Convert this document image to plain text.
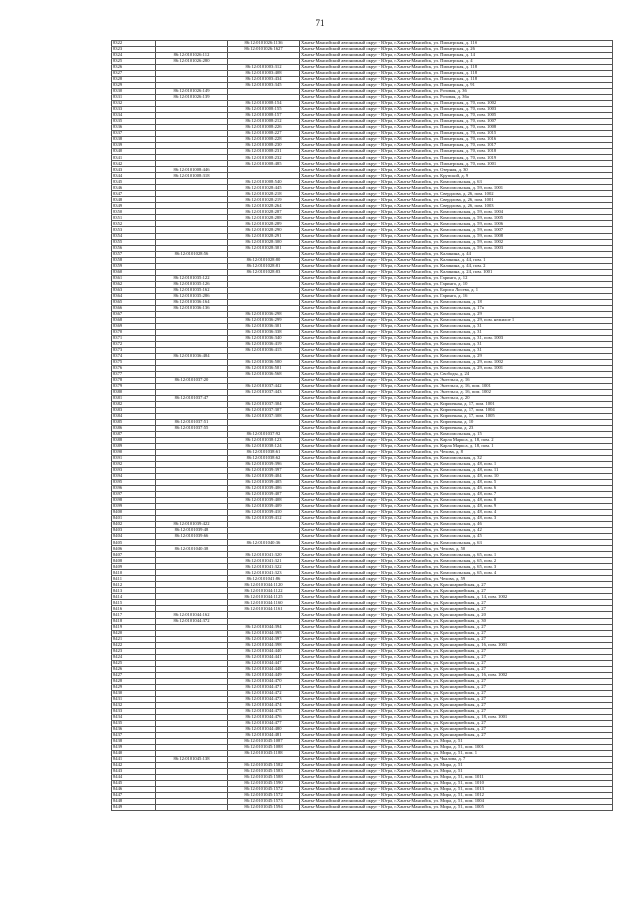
71
8322		86:12:0101026:1136	Ханты-Мансийский автономный округ - Югра, г.Ханты-Мансийск, ул. Пионерская, д. 11б
8323		86:12:0101026:1627	Ханты-Мансийский автономный округ - Югра, г.Ханты-Мансийск, ул. Пионерская, д. 26
8324	86:12:0101026:112		Ханты-Мансийский автономный округ - Югра, г.Ханты-Мансийск, ул. Пионерская, д. 14
8325	86:12:0101026:280		Ханты-Мансийский автономный округ - Югра, г.Ханты-Мансийск, ул. Пионерская, д. 4
8326		86:12:0101003:312	Ханты-Мансийский автономный округ - Югра, г.Ханты-Мансийск, ул. Пионерская, д. 118
8327		86:12:0101003:408	Ханты-Мансийский автономный округ - Югра, г.Ханты-Мансийск, ул. Пионерская, д. 118
8328		86:12:0101003:434	Ханты-Мансийский автономный округ - Югра, г.Ханты-Мансийск, ул. Пионерская, д. 118
8329		86:12:0101003:345	Ханты-Мансийский автономный округ - Югра, г.Ханты-Мансийск, ул. Пионерская, д. 91
8330	86:12:0101026:149		Ханты-Мансийский автономный округ - Югра, г.Ханты-Мансийск, ул. Розовая, д. 36
8331	86:12:0101026:139		Ханты-Мансийский автономный округ - Югра, г.Ханты-Мансийск, ул. Розовая, д. 36а
8332		86:12:0101008:154	Ханты-Мансийский автономный округ - Югра, г.Ханты-Мансийск, ул. Пионерская, д. 70, пом. 1002
8333		86:12:0101008:155	Ханты-Мансийский автономный округ - Югра, г.Ханты-Мансийск, ул. Пионерская, д. 70, пом. 1003
8334		86:12:0101008:157	Ханты-Мансийский автономный округ - Югра, г.Ханты-Мансийск, ул. Пионерская, д. 70, пом. 1005
8335		86:12:0101008:212	Ханты-Мансийский автономный округ - Югра, г.Ханты-Мансийск, ул. Пионерская, д. 70, пом. 1007
8336		86:12:0101008:226	Ханты-Мансийский автономный округ - Югра, г.Ханты-Мансийск, ул. Пионерская, д. 70, пом. 1008
8337		86:12:0101008:227	Ханты-Мансийский автономный округ - Югра, г.Ханты-Мансийск, ул. Пионерская, д. 70, пом. 1015
8338		86:12:0101008:228	Ханты-Мансийский автономный округ - Югра, г.Ханты-Мансийск, ул. Пионерская, д. 70, пом. 1016
8339		86:12:0101008:230	Ханты-Мансийский автономный округ - Югра, г.Ханты-Мансийск, ул. Пионерская, д. 70, пом. 1017
8340		86:12:0101008:231	Ханты-Мансийский автономный округ - Югра, г.Ханты-Мансийск, ул. Пионерская, д. 70, пом. 1018
8341		86:12:0101008:232	Ханты-Мансийский автономный округ - Югра, г.Ханты-Мансийск, ул. Пионерская, д. 70, пом. 1019
8342		86:12:0101008:485	Ханты-Мансийский автономный округ - Югра, г.Ханты-Мансийск, ул. Пионерская, д. 70, пом. 1001
8343	86:12:0101008:446		Ханты-Мансийский автономный округ - Югра, г.Ханты-Мансийск, ул. Озерная, д. 30
8344	86:12:0101008:318		Ханты-Мансийский автономный округ - Югра, г.Ханты-Мансийск, ул. Крупской, д. 9
8345		86:12:0101008:540	Ханты-Мансийский автономный округ - Югра, г.Ханты-Мансийск, ул. Комсомольская, д. 63
8346		86:12:0101028:445	Ханты-Мансийский автономный округ - Югра, г.Ханты-Мансийск, ул. Комсомольская, д. 59, пом. 1001
8347		86:12:0101028:218	Ханты-Мансийский автономный округ - Югра, г.Ханты-Мансийск, ул. Свердлова, д. 26, пом. 1002
8348		86:12:0101028:219	Ханты-Мансийский автономный округ - Югра, г.Ханты-Мансийск, ул. Свердлова, д. 26, пом. 1001
8349		86:12:0101028:264	Ханты-Мансийский автономный округ - Югра, г.Ханты-Мансийск, ул. Свердлова, д. 26, пом. 1003
8350		86:12:0101028:287	Ханты-Мансийский автономный округ - Югра, г.Ханты-Мансийск, ул. Комсомольская, д. 59, пом. 1004
8351		86:12:0101028:288	Ханты-Мансийский автономный округ - Югра, г.Ханты-Мансийск, ул. Комсомольская, д. 59, пом. 1005
8352		86:12:0101028:289	Ханты-Мансийский автономный округ - Югра, г.Ханты-Мансийск, ул. Комсомольская, д. 59, пом. 1006
8353		86:12:0101028:290	Ханты-Мансийский автономный округ - Югра, г.Ханты-Мансийск, ул. Комсомольская, д. 59, пом. 1007
8354		86:12:0101028:291	Ханты-Мансийский автономный округ - Югра, г.Ханты-Мансийск, ул. Комсомольская, д. 59, пом. 1008
8355		86:12:0101028:300	Ханты-Мансийский автономный округ - Югра, г.Ханты-Мансийск, ул. Комсомольская, д. 59, пом. 1002
8356		86:12:0101028:301	Ханты-Мансийский автономный округ - Югра, г.Ханты-Мансийск, ул. Комсомольская, д. 59, пом. 1003
8357	86:12:0101028:56		Ханты-Мансийский автономный округ - Югра, г.Ханты-Мансийск, ул. Калинина, д. 44
8358		86:12:0101028:80	Ханты-Мансийский автономный округ - Югра, г.Ханты-Мансийск, ул. Калинина, д. 44, пом. 1
8359		86:12:0101028:81	Ханты-Мансийский автономный округ - Югра, г.Ханты-Мансийск, ул. Калинина, д. 44, пом. 2
8360		86:12:0101028:83	Ханты-Мансийский автономный округ - Югра, г.Ханты-Мансийск, ул. Калинина, д. 24, пом. 1001
8361	86:12:0101035:122		Ханты-Мансийский автономный округ - Югра, г.Ханты-Мансийск, ул. Гаринга, д. 12
8362	86:12:0101035:126		Ханты-Мансийский автономный округ - Югра, г.Ханты-Мансийск, ул. Гаринга, д. 10
8363	86:12:0101035:162		Ханты-Мансийский автономный округ - Югра, г.Ханты-Мансийск, ул. Бориса Лосева, д. 1
8364	86:12:0101035:286		Ханты-Мансийский автономный округ - Югра, г.Ханты-Мансийск, ул. Гаринга, д. 16
8365	86:12:0101036:164		Ханты-Мансийский автономный округ - Югра, г.Ханты-Мансийск, ул. Комсомольская, д. 18
8366	86:12:0101036:136		Ханты-Мансийский автономный округ - Югра, г.Ханты-Мансийск, ул. Комсомольская, д. 17а
8367		86:12:0101036:298	Ханты-Мансийский автономный округ - Югра, г.Ханты-Мансийск, ул. Комсомольская, д. 29
8368		86:12:0101036:299	Ханты-Мансийский автономный округ - Югра, г.Ханты-Мансийск, ул. Комсомольская, д. 29, пом. нежилое 1
8369		86:12:0101036:301	Ханты-Мансийский автономный округ - Югра, г.Ханты-Мансийск, ул. Комсомольская, д. 31
8370		86:12:0101036:338	Ханты-Мансийский автономный округ - Югра, г.Ханты-Мансийск, ул. Комсомольская, д. 31
8371		86:12:0101036:340	Ханты-Мансийский автономный округ - Югра, г.Ханты-Мансийск, ул. Комсомольская, д. 31, пом. 1003
8372		86:12:0101036:419	Ханты-Мансийский автономный округ - Югра, г.Ханты-Мансийск, ул. Комсомольская, д. 31
8373		86:12:0101036:415	Ханты-Мансийский автономный округ - Югра, г.Ханты-Мансийск, ул. Комсомольская, д. 31
8374	86:12:0101036:484		Ханты-Мансийский автономный округ - Югра, г.Ханты-Мансийск, ул. Комсомольская, д. 29
8375		86:12:0101036:500	Ханты-Мансийский автономный округ - Югра, г.Ханты-Мансийск, ул. Комсомольская, д. 29, пом. 1002
8376		86:12:0101036:501	Ханты-Мансийский автономный округ - Югра, г.Ханты-Мансийск, ул. Комсомольская, д. 29, пом. 1001
8377		86:12:0101036:568	Ханты-Мансийский автономный округ - Югра, г.Ханты-Мансийск, ул. Свободы, д. 24
8378	86:12:0101037:20		Ханты-Мансийский автономный округ - Югра, г.Ханты-Мансийск, ул. Энгельса, д. 16
8379		86:12:0101037:442	Ханты-Мансийский автономный округ - Югра, г.Ханты-Мансийск, ул. Энгельса, д. 16, пом. 1001
8380		86:12:0101037:443	Ханты-Мансийский автономный округ - Югра, г.Ханты-Мансийск, ул. Энгельса, д. 16, пом. 1002
8381	86:12:0101037:47		Ханты-Мансийский автономный округ - Югра, г.Ханты-Мансийск, ул. Энгельса, д. 20
8382		86:12:0101037:304	Ханты-Мансийский автономный округ - Югра, г.Ханты-Мансийск, ул. Кирпичная, д. 17, пом. 1001
8383		86:12:0101037:307	Ханты-Мансийский автономный округ - Югра, г.Ханты-Мансийск, ул. Кирпичная, д. 17, пом. 1004
8384		86:12:0101037:308	Ханты-Мансийский автономный округ - Югра, г.Ханты-Мансийск, ул. Кирпичная, д. 17, пом. 1005
8385	86:12:0101037:51		Ханты-Мансийский автономный округ - Югра, г.Ханты-Мансийск, ул. Кирпичная, д. 10
8386	86:12:0101037:55		Ханты-Мансийский автономный округ - Югра, г.Ханты-Мансийск, ул. Кирпичная, д. 23
8387		86:12:0101037:92	Ханты-Мансийский автономный округ - Югра, г.Ханты-Мансийск, ул. Комсомольская, д. 15
8388		86:12:0101038:123	Ханты-Мансийский автономный округ - Югра, г.Ханты-Мансийск, ул. Карла Маркса, д. 18, пом. 2
8389		86:12:0101038:124	Ханты-Мансийский автономный округ - Югра, г.Ханты-Мансийск, ул. Карла Маркса, д. 18, пом. 1
8390		86:12:0101038:61	Ханты-Мансийский автономный округ - Югра, г.Ханты-Мансийск, ул. Чехова, д. 8
8391		86:12:0101038:62	Ханты-Мансийский автономный округ - Югра, г.Ханты-Мансийск, ул. Комсомольская, д. 32
8392		86:12:0101039:396	Ханты-Мансийский автономный округ - Югра, г.Ханты-Мансийск, ул. Комсомольская, д. 48, пом. 1
8393		86:12:0101039:397	Ханты-Мансийский автономный округ - Югра, г.Ханты-Мансийск, ул. Комсомольская, д. 48, пом. 11
8394		86:12:0101039:404	Ханты-Мансийский автономный округ - Югра, г.Ханты-Мансийск, ул. Комсомольская, д. 48, пом. 10
8395		86:12:0101039:405	Ханты-Мансийский автономный округ - Югра, г.Ханты-Мансийск, ул. Комсомольская, д. 48, пом. 5
8396		86:12:0101039:406	Ханты-Мансийский автономный округ - Югра, г.Ханты-Мансийск, ул. Комсомольская, д. 48, пом. 6
8397		86:12:0101039:407	Ханты-Мансийский автономный округ - Югра, г.Ханты-Мансийск, ул. Комсомольская, д. 48, пом. 7
8398		86:12:0101039:408	Ханты-Мансийский автономный округ - Югра, г.Ханты-Мансийск, ул. Комсомольская, д. 48, пом. 8
8399		86:12:0101039:409	Ханты-Мансийский автономный округ - Югра, г.Ханты-Мансийск, ул. Комсомольская, д. 48, пом. 9
8400		86:12:0101039:410	Ханты-Мансийский автономный округ - Югра, г.Ханты-Мансийск, ул. Комсомольская, д. 48, пом. 4
8401		86:12:0101039:412	Ханты-Мансийский автономный округ - Югра, г.Ханты-Мансийск, ул. Комсомольская, д. 48, пом. 3
8402	86:12:0101039:422		Ханты-Мансийский автономный округ - Югра, г.Ханты-Мансийск, ул. Комсомольская, д. 46
8403	86:12:0101039:48		Ханты-Мансийский автономный округ - Югра, г.Ханты-Мансийск, ул. Комсомольская, д. 42
8404	86:12:0101039:66		Ханты-Мансийский автономный округ - Югра, г.Ханты-Мансийск, ул. Комсомольская, д. 45
8405		86:12:0101040:36	Ханты-Мансийский автономный округ - Югра, г.Ханты-Мансийск, ул. Комсомольская, д. 63
8406	86:12:0101040:38		Ханты-Мансийский автономный округ - Югра, г.Ханты-Мансийск, ул. Чехова, д. 50
8407		86:12:0101041:320	Ханты-Мансийский автономный округ - Югра, г.Ханты-Мансийск, ул. Комсомольская, д. 65, пом. 1
8408		86:12:0101041:321	Ханты-Мансийский автономный округ - Югра, г.Ханты-Мансийск, ул. Комсомольская, д. 65, пом. 2
8409		86:12:0101041:322	Ханты-Мансийский автономный округ - Югра, г.Ханты-Мансийск, ул. Комсомольская, д. 65, пом. 3
8410		86:12:0101041:323	Ханты-Мансийский автономный округ - Югра, г.Ханты-Мансийск, ул. Комсомольская, д. 65, пом. 4
8411		86:12:0101041:86	Ханты-Мансийский автономный округ - Югра, г.Ханты-Мансийск, ул. Чехова, д. 59
8412		86:12:0101044:1120	Ханты-Мансийский автономный округ - Югра, г.Ханты-Мансийск, ул. Красноармейская, д. 27
8413		86:12:0101044:1122	Ханты-Мансийский автономный округ - Югра, г.Ханты-Мансийск, ул. Красноармейская, д. 27
8414		86:12:0101044:1125	Ханты-Мансийский автономный округ - Югра, г.Ханты-Мансийск, ул. Красноармейская, д. 14, пом. 1002
8415		86:12:0101044:1160	Ханты-Мансийский автономный округ - Югра, г.Ханты-Мансийск, ул. Красноармейская, д. 27
8416		86:12:0101044:1161	Ханты-Мансийский автономный округ - Югра, г.Ханты-Мансийск, ул. Красноармейская, д. 27
8417	86:12:0101044:162		Ханты-Мансийский автономный округ - Югра, г.Ханты-Мансийск, ул. Красноармейская, д. 20
8418	86:12:0101044:372		Ханты-Мансийский автономный округ - Югра, г.Ханты-Мансийск, ул. Красноармейская, д. 30
8419		86:12:0101044:394	Ханты-Мансийский автономный округ - Югра, г.Ханты-Мансийск, ул. Красноармейская, д. 27
8420		86:12:0101044:395	Ханты-Мансийский автономный округ - Югра, г.Ханты-Мансийск, ул. Красноармейская, д. 27
8421		86:12:0101044:397	Ханты-Мансийский автономный округ - Югра, г.Ханты-Мансийск, ул. Красноармейская, д. 27
8422		86:12:0101044:398	Ханты-Мансийский автономный округ - Югра, г.Ханты-Мансийск, ул. Красноармейская, д. 16, пом. 1001
8423		86:12:0101044:440	Ханты-Мансийский автономный округ - Югра, г.Ханты-Мансийск, ул. Красноармейская, д. 27
8424		86:12:0101044:441	Ханты-Мансийский автономный округ - Югра, г.Ханты-Мансийск, ул. Красноармейская, д. 27
8425		86:12:0101044:447	Ханты-Мансийский автономный округ - Югра, г.Ханты-Мансийск, ул. Красноармейская, д. 27
8426		86:12:0101044:448	Ханты-Мансийский автономный округ - Югра, г.Ханты-Мансийск, ул. Красноармейская, д. 27
8427		86:12:0101044:449	Ханты-Мансийский автономный округ - Югра, г.Ханты-Мансийск, ул. Красноармейская, д. 16, пом. 1002
8428		86:12:0101044:470	Ханты-Мансийский автономный округ - Югра, г.Ханты-Мансийск, ул. Красноармейская, д. 27
8429		86:12:0101044:471	Ханты-Мансийский автономный округ - Югра, г.Ханты-Мансийск, ул. Красноармейская, д. 27
8430		86:12:0101044:472	Ханты-Мансийский автономный округ - Югра, г.Ханты-Мансийск, ул. Красноармейская, д. 27
8431		86:12:0101044:473	Ханты-Мансийский автономный округ - Югра, г.Ханты-Мансийск, ул. Красноармейская, д. 27
8432		86:12:0101044:474	Ханты-Мансийский автономный округ - Югра, г.Ханты-Мансийск, ул. Красноармейская, д. 27
8433		86:12:0101044:475	Ханты-Мансийский автономный округ - Югра, г.Ханты-Мансийск, ул. Красноармейская, д. 27
8434		86:12:0101044:476	Ханты-Мансийский автономный округ - Югра, г.Ханты-Мансийск, ул. Красноармейская, д. 18, пом. 1001
8435		86:12:0101044:477	Ханты-Мансийский автономный округ - Югра, г.Ханты-Мансийск, ул. Красноармейская, д. 27
8436		86:12:0101044:480	Ханты-Мансийский автономный округ - Югра, г.Ханты-Мансийск, ул. Красноармейская, д. 27
8437		86:12:0101044:481	Ханты-Мансийский автономный округ - Югра, г.Ханты-Мансийск, ул. Красноармейская, д. 27
8438		86:12:0101045:1087	Ханты-Мансийский автономный округ - Югра, г.Ханты-Мансийск, ул. Мира, д. 51
8439		86:12:0101045:1088	Ханты-Мансийский автономный округ - Югра, г.Ханты-Мансийск, ул. Мира, д. 51, пом. 1001
8440		86:12:0101045:1188	Ханты-Мансийский автономный округ - Югра, г.Ханты-Мансийск, ул. Мира, д. 51, пом. 1
8441	86:12:0101045:138		Ханты-Мансийский автономный округ - Югра, г.Ханты-Мансийск, ул. Чкалова, д. 7
8442		86:12:0101045:1582	Ханты-Мансийский автономный округ - Югра, г.Ханты-Мансийск, ул. Мира, д. 51
8443		86:12:0101045:1583	Ханты-Мансийский автономный округ - Югра, г.Ханты-Мансийск, ул. Мира, д. 51
8444		86:12:0101045:1588	Ханты-Мансийский автономный округ - Югра, г.Ханты-Мансийск, ул. Мира, д. 51, пом. 1011
8445		86:12:0101045:1590	Ханты-Мансийский автономный округ - Югра, г.Ханты-Мансийск, ул. Мира, д. 51, пом. 1010
8446		86:12:0101045:1572	Ханты-Мансийский автономный округ - Югра, г.Ханты-Мансийск, ул. Мира, д. 51, пом. 1013
8447		86:12:0101045:1572	Ханты-Мансийский автономный округ - Югра, г.Ханты-Мансийск, ул. Мира, д. 51, пом. 1012
8448		86:12:0101045:1573	Ханты-Мансийский автономный округ - Югра, г.Ханты-Мансийск, ул. Мира, д. 51, пом. 1004
8449		86:12:0101045:1594	Ханты-Мансийский автономный округ - Югра, г.Ханты-Мансийск, ул. Мира, д. 51, пом. 1005
